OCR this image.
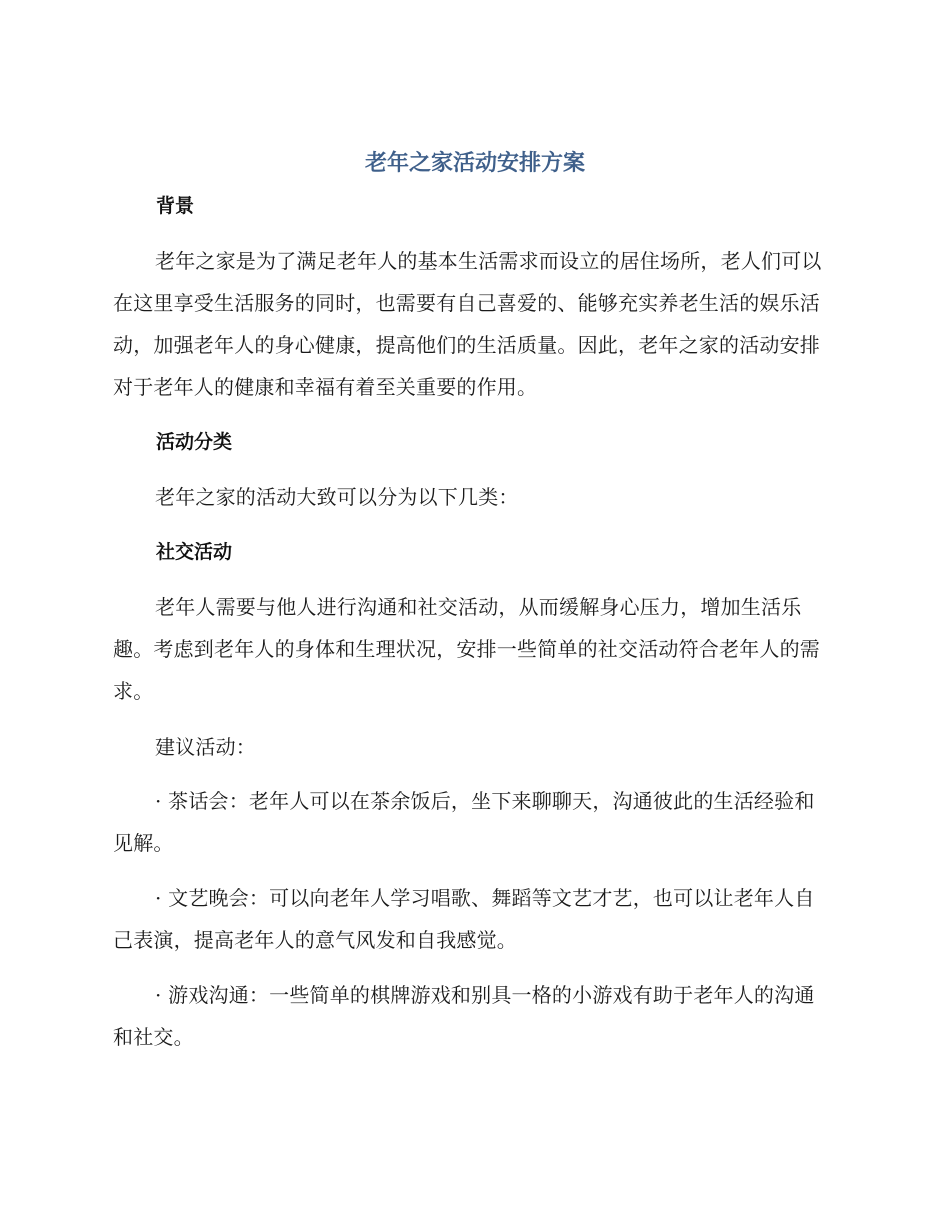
老年之家活动安排方案
背景
老年之家是为了满足老年人的基本生活需求而设立的居住场所，老人们可以在这里享受生活服务的同时，也需要有自己喜爱的、能够充实养老生活的娱乐活动，加强老年人的身心健康，提高他们的生活质量。因此，老年之家的活动安排对于老年人的健康和幸福有着至关重要的作用。
活动分类
老年之家的活动大致可以分为以下几类：
社交活动
老年人需要与他人进行沟通和社交活动，从而缓解身心压力，增加生活乐趣。考虑到老年人的身体和生理状况，安排一些简单的社交活动符合老年人的需求。
建议活动：
· 茶话会：老年人可以在茶余饭后，坐下来聊聊天，沟通彼此的生活经验和见解。
· 文艺晚会：可以向老年人学习唱歌、舞蹈等文艺才艺，也可以让老年人自己表演，提高老年人的意气风发和自我感觉。
· 游戏沟通：一些简单的棋牌游戏和别具一格的小游戏有助于老年人的沟通和社交。
